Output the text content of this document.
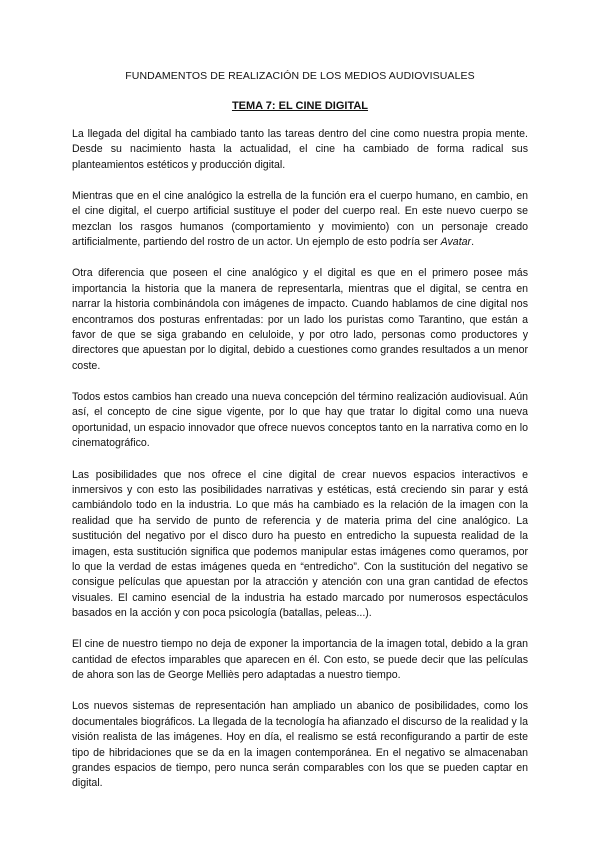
FUNDAMENTOS DE REALIZACIÓN DE LOS MEDIOS AUDIOVISUALES
TEMA 7: EL CINE DIGITAL

La llegada del digital ha cambiado tanto las tareas dentro del cine como nuestra propia mente. Desde su nacimiento hasta la actualidad, el cine ha cambiado de forma radical sus planteamientos estéticos y producción digital.

Mientras que en el cine analógico la estrella de la función era el cuerpo humano, en cambio, en el cine digital, el cuerpo artificial sustituye el poder del cuerpo real. En este nuevo cuerpo se mezclan los rasgos humanos (comportamiento y movimiento) con un personaje creado artificialmente, partiendo del rostro de un actor. Un ejemplo de esto podría ser Avatar.

Otra diferencia que poseen el cine analógico y el digital es que en el primero posee más importancia la historia que la manera de representarla, mientras que el digital, se centra en narrar la historia combinándola con imágenes de impacto. Cuando hablamos de cine digital nos encontramos dos posturas enfrentadas: por un lado los puristas como Tarantino, que están a favor de que se siga grabando en celuloide, y por otro lado, personas como productores y directores que apuestan por lo digital, debido a cuestiones como grandes resultados a un menor coste.

Todos estos cambios han creado una nueva concepción del término realización audiovisual. Aún así, el concepto de cine sigue vigente, por lo que hay que tratar lo digital como una nueva oportunidad, un espacio innovador que ofrece nuevos conceptos tanto en la narrativa como en lo cinematográfico.

Las posibilidades que nos ofrece el cine digital de crear nuevos espacios interactivos e inmersivos y con esto las posibilidades narrativas y estéticas, está creciendo sin parar y está cambiándolo todo en la industria. Lo que más ha cambiado es la relación de la imagen con la realidad que ha servido de punto de referencia y de materia prima del cine analógico. La sustitución del negativo por el disco duro ha puesto en entredicho la supuesta realidad de la imagen, esta sustitución significa que podemos manipular estas imágenes como queramos, por lo que la verdad de estas imágenes queda en “entredicho”. Con la sustitución del negativo se consigue películas que apuestan por la atracción y atención con una gran cantidad de efectos visuales. El camino esencial de la industria ha estado marcado por numerosos espectáculos basados en la acción y con poca psicología (batallas, peleas...).

El cine de nuestro tiempo no deja de exponer la importancia de la imagen total, debido a la gran cantidad de efectos imparables que aparecen en él. Con esto, se puede decir que las películas de ahora son las de George Melliès pero adaptadas a nuestro tiempo.

Los nuevos sistemas de representación han ampliado un abanico de posibilidades, como los documentales biográficos. La llegada de la tecnología ha afianzado el discurso de la realidad y la visión realista de las imágenes. Hoy en día, el realismo se está reconfigurando a partir de este tipo de hibridaciones que se da en la imagen contemporánea. En el negativo se almacenaban grandes espacios de tiempo, pero nunca serán comparables con los que se pueden captar en digital.
